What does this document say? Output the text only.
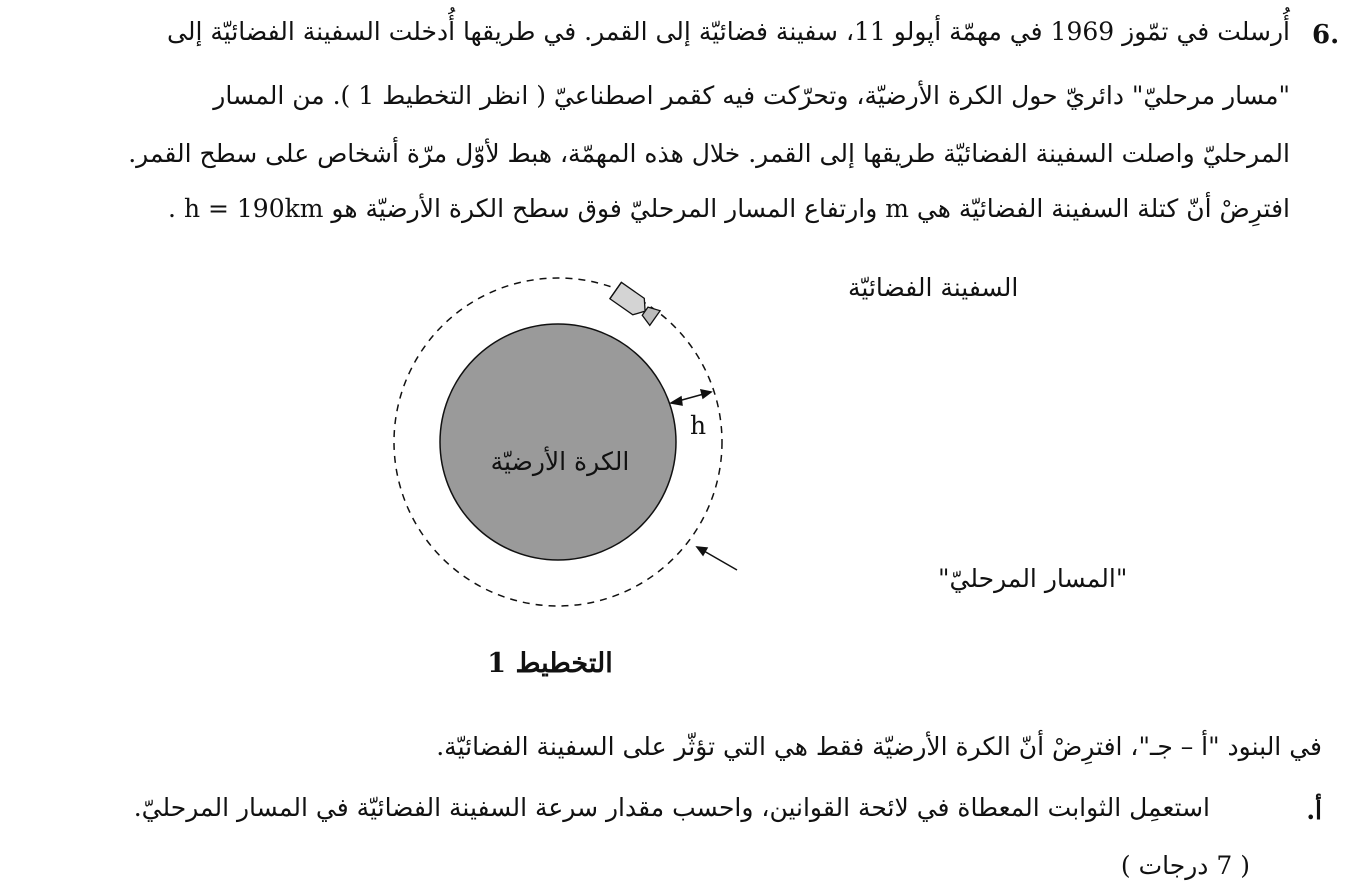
6.
أُرسلت في تمّوز 1969 في مهمّة أپولو 11، سفينة فضائيّة إلى القمر. في طريقها أُدخلت السفينة الفضائيّة إلى
"مسار مرحليّ" دائريّ حول الكرة الأرضيّة، وتحرّكت فيه كقمر اصطناعيّ ( انظر التخطيط 1 ). من المسار
المرحليّ واصلت السفينة الفضائيّة طريقها إلى القمر. خلال هذه المهمّة، هبط لأوّل مرّة أشخاص على سطح القمر.
افترِضْ أنّ كتلة السفينة الفضائيّة هي m وارتفاع المسار المرحليّ فوق سطح الكرة الأرضيّة هو h = 190km .
h
الكرة الأرضيّة
السفينة الفضائيّة
"المسار المرحليّ"
التخطيط 1
في البنود "أ – جـ"، افترِضْ أنّ الكرة الأرضيّة فقط هي التي تؤثّر على السفينة الفضائيّة.
أ.
استعمِل الثوابت المعطاة في لائحة القوانين، واحسب مقدار سرعة السفينة الفضائيّة في المسار المرحليّ.
( 7 درجات )
